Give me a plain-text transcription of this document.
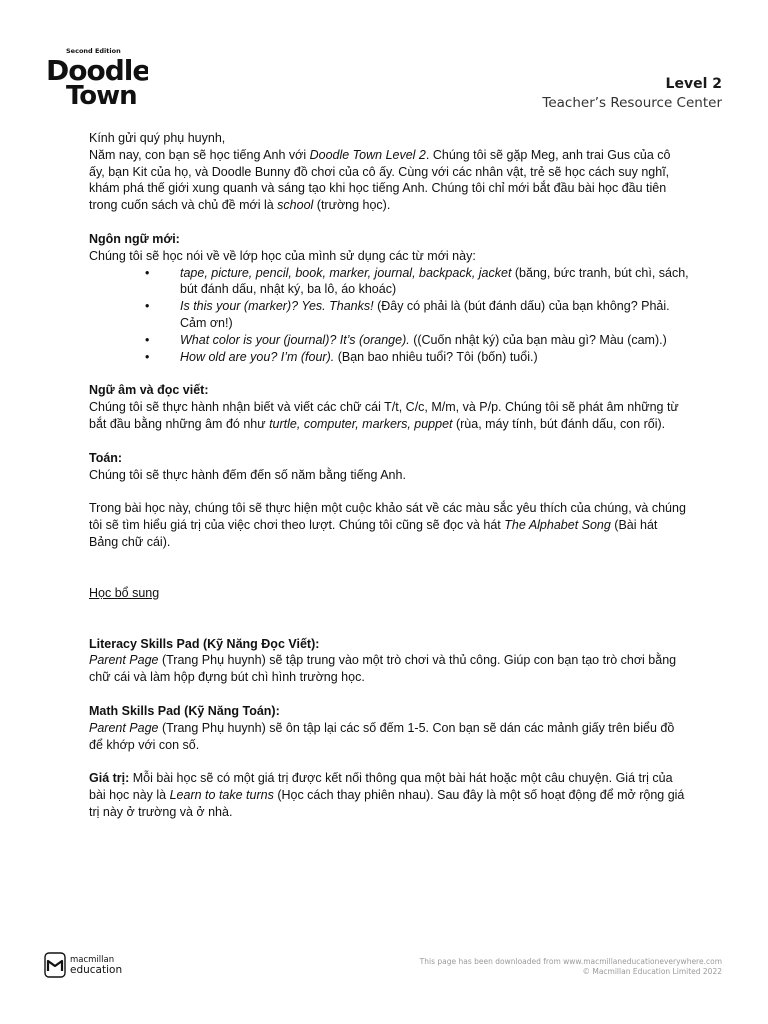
Second Edition
Doodle
Town	Level 2
Teacher’s Resource Center

Kính gửi quý phụ huynh,

Năm nay, con bạn sẽ học tiếng Anh với Doodle Town Level 2. Chúng tôi sẽ gặp Meg, anh trai Gus của cô ấy, bạn Kit của họ, và Doodle Bunny đồ chơi của cô ấy. Cùng với các nhân vật, trẻ sẽ học cách suy nghĩ, khám phá thế giới xung quanh và sáng tạo khi học tiếng Anh. Chúng tôi chỉ mới bắt đầu bài học đầu tiên trong cuốn sách và chủ đề mới là school (trường học).

Ngôn ngữ mới:

Chúng tôi sẽ học nói về về lớp học của mình sử dụng các từ mới này:

• tape, picture, pencil, book, marker, journal, backpack, jacket (băng, bức tranh, bút chì, sách, bút đánh dấu, nhật ký, ba lô, áo khoác)
• Is this your (marker)? Yes. Thanks! (Đây có phải là (bút đánh dấu) của bạn không? Phải. Cảm ơn!)
• What color is your (journal)? It’s (orange). ((Cuốn nhật ký) của bạn màu gì? Màu (cam).)
• How old are you? I’m (four). (Bạn bao nhiêu tuổi? Tôi (bốn) tuổi.)

Ngữ âm và đọc viết:

Chúng tôi sẽ thực hành nhận biết và viết các chữ cái T/t, C/c, M/m, và P/p. Chúng tôi sẽ phát âm những từ bắt đầu bằng những âm đó như turtle, computer, markers, puppet (rùa, máy tính, bút đánh dấu, con rối).

Toán:

Chúng tôi sẽ thực hành đếm đến số năm bằng tiếng Anh.

Trong bài học này, chúng tôi sẽ thực hiện một cuộc khảo sát về các màu sắc yêu thích của chúng, và chúng tôi sẽ tìm hiểu giá trị của việc chơi theo lượt. Chúng tôi cũng sẽ đọc và hát The Alphabet Song (Bài hát Bảng chữ cái).

Học bổ sung

Literacy Skills Pad (Kỹ Năng Đọc Viết):

Parent Page (Trang Phụ huynh) sẽ tập trung vào một trò chơi và thủ công. Giúp con bạn tạo trò chơi bằng chữ cái và làm hộp đựng bút chì hình trường học.

Math Skills Pad (Kỹ Năng Toán):

Parent Page (Trang Phụ huynh) sẽ ôn tập lại các số đếm 1-5. Con bạn sẽ dán các mảnh giấy trên biểu đồ để khớp với con số.

Giá trị: Mỗi bài học sẽ có một giá trị được kết nối thông qua một bài hát hoặc một câu chuyện. Giá trị của bài học này là Learn to take turns (Học cách thay phiên nhau). Sau đây là một số hoạt động để mở rộng giá trị này ở trường và ở nhà.

macmillan
education
This page has been downloaded from www.macmillaneducationeverywhere.com
© Macmillan Education Limited 2022
